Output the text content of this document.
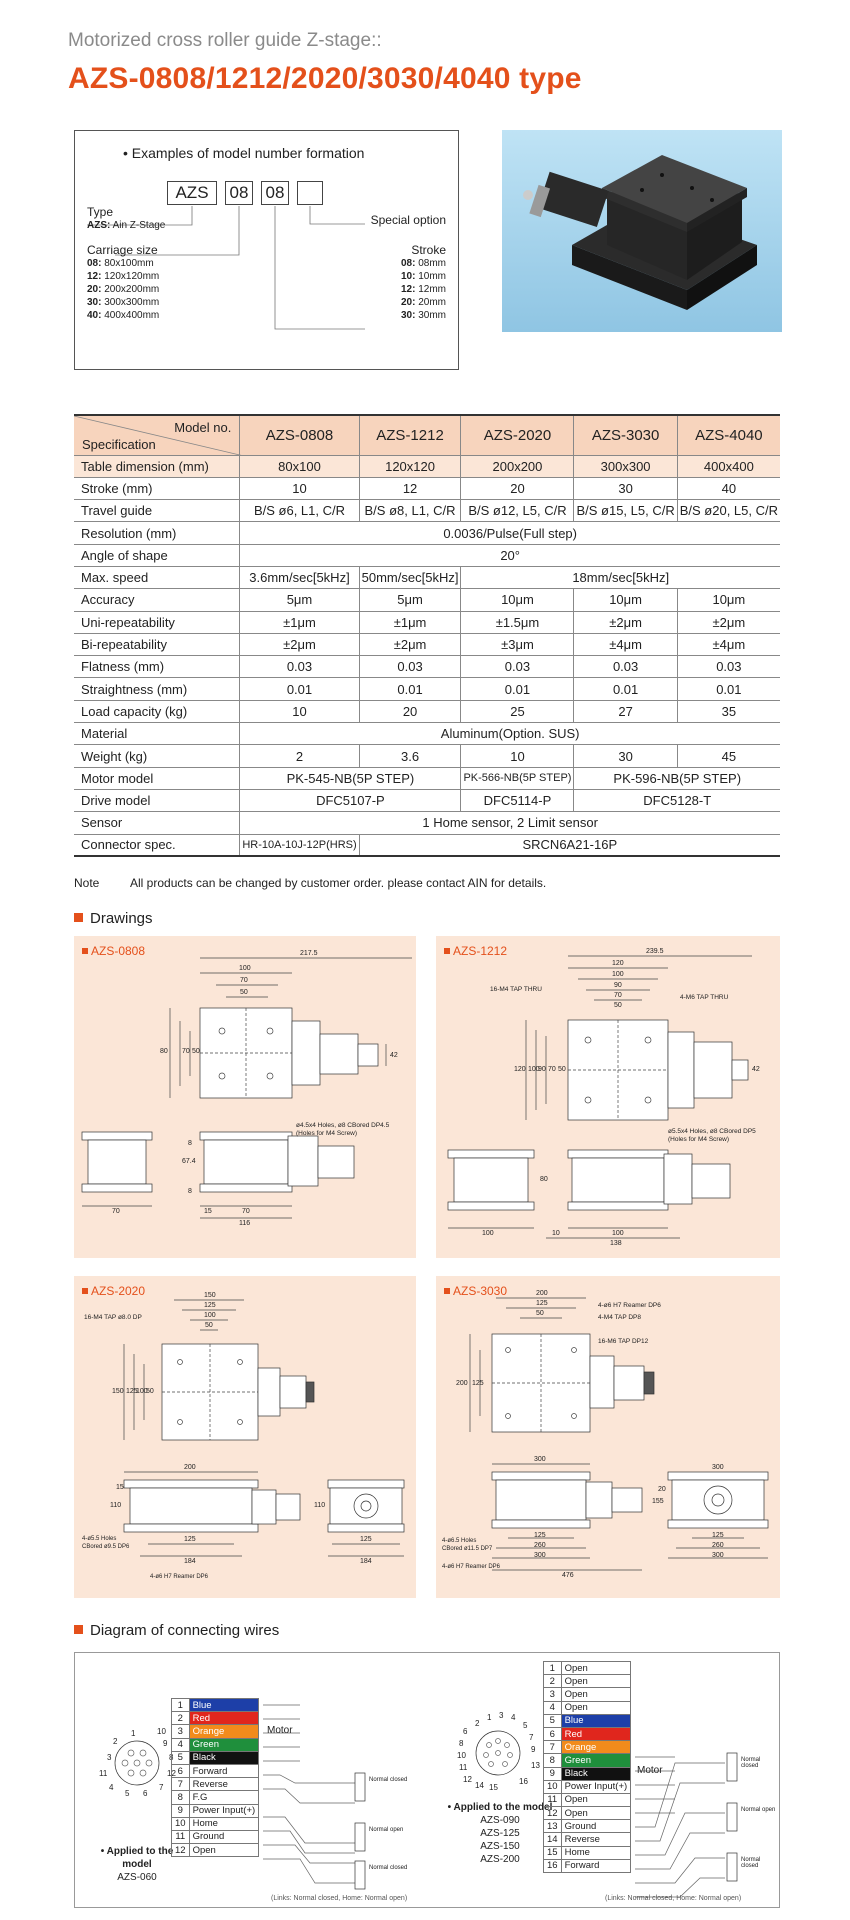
Motorized cross roller guide Z-stage::
AZS-0808/1212/2020/3030/4040 type
• Examples of model number formation
AZS	08 08
Type
AZS: Ain Z-Stage	Special option
Carriage size
08: 80x100mm
12: 120x120mm
20: 200x200mm
30: 300x300mm
40: 400x400mm
Stroke
08: 08mm
10: 10mm
12: 12mm
20: 20mm
30: 30mm
Model no.
Specification	AZS-0808	AZS-1212	AZS-2020	AZS-3030	AZS-4040
Table dimension (mm)	80x100	120x120	200x200	300x300	400x400
Stroke (mm)	10	12	20	30	40
Travel guide	B/S ø6, L1, C/R	B/S ø8, L1, C/R	B/S ø12, L5, C/R	B/S ø15, L5, C/R	B/S ø20, L5, C/R
Resolution (mm)	0.0036/Pulse(Full step)				
Angle of shape	20°				
Max. speed	3.6mm/sec[5kHz]	50mm/sec[5kHz]	18mm/sec[5kHz]		
Accuracy	5μm	5μm	10μm	10μm	10μm
Uni-repeatability	±1μm	±1μm	±1.5μm	±2μm	±2μm
Bi-repeatability	±2μm	±2μm	±3μm	±4μm	±4μm
Flatness (mm)	0.03	0.03	0.03	0.03	0.03
Straightness (mm)	0.01	0.01	0.01	0.01	0.01
Load capacity (kg)	10	20	25	27	35
Material	Aluminum(Option. SUS)				
Weight (kg)	2	3.6	10	30	45
Motor model	PK-545-NB(5P STEP)		PK-566-NB(5P STEP)	PK-596-NB(5P STEP)	
Drive model	DFC5107-P		DFC5114-P	DFC5128-T	
Sensor	1 Home sensor, 2 Limit sensor				
Connector spec.	HR-10A-10J-12P(HRS)	SRCN6A21-16P			
Note	All products can be changed by customer order. please contact AIN for details.
Drawings
AZS-0808	217.5
100
70
50
80 70 50
42
67.4
8
70	15	70
116
8
ø4.5x4 Holes, ø8 CBored DP4.5
(Holes for M4 Screw)
AZS-1212	239.5
120
100
90
70
50
16-M4 TAP THRU
4-M6 TAP THRU
120 100
90 70 50	42
80
100	10	100
138
ø5.5x4 Holes, ø8 CBored DP5
(Holes for M4 Screw)
AZS-2020	150
125
100
50
16-M4 TAP ø8.0 DP
150 125
100
50
200
110
15
125
184
125
184
110
4-ø5.5 Holes
CBored ø9.5 DP6
4-ø6 H7 Reamer DP6
AZS-3030	200
125
50
4-ø6 H7 Reamer DP6
4-M4 TAP DP8
16-M6 TAP DP12
200 125
300
125
260
300
476
300
125
260
300
155
20
4-ø6.5 Holes
CBored ø11.5 DP7
4-ø6 H7 Reamer DP6
Diagram of connecting wires
1	10
2	9
3	8
11	12
4	7
5 6
• Applied to the model
AZS-060
1	Blue
2	Red
3	Orange
4	Green
5	Black
6	Forward
7	Reverse
8	F.G
9	Power Input(+)
10	Home
11	Ground
12	Open
Motor
Normal closed
Normal open
Normal closed
(Links: Normal closed, Home: Normal open)
1
2
3 4
5
6
7
8
9
10
11
12
13
14 15
16
• Applied to the model
AZS-090
AZS-125
AZS-150
AZS-200
1	Open
2	Open
3	Open
4	Open
5	Blue
6	Red
7	Orange
8	Green
9	Black
10	Power Input(+)
11	Open
12	Open
13	Ground
14	Reverse
15	Home
16	Forward
Motor
Normal closed
Normal open
Normal closed
(Links: Normal closed, Home: Normal open)
